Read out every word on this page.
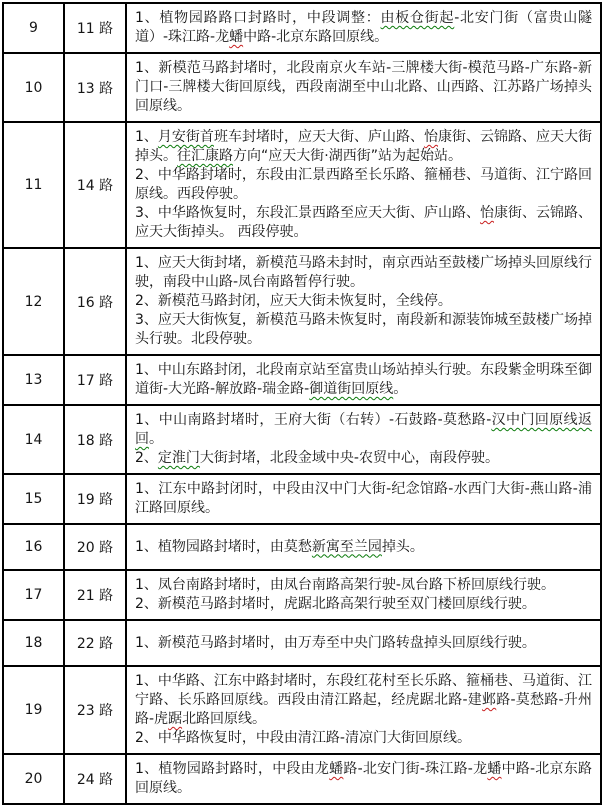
9	11 路	1、植物园路路口封路时，中段调整：由板仓街起-北安门街（富贵山隧道）-珠江路-龙蟠中路-北京东路回原线。

10	13 路	1、新模范马路封堵时，北段南京火车站-三牌楼大街-模范马路-广东路-新门口-三牌楼大街回原线，西段南湖至中山北路、山西路、江苏路广场掉头回原线。

11	14 路	1、月安街首班车封堵时，应天大街、庐山路、怡康街、云锦路、应天大街掉头。往汇康路方向“应天大街·湖西街”站为起始站。

2、中华路封堵时，东段由汇景西路至长乐路、箍桶巷、马道街、江宁路回原线。西段停驶。

3、中华路恢复时，东段汇景西路至应天大街、庐山路、怡康街、云锦路、应天大街掉头。 西段停驶。

12	16 路	1、应天大街封堵，新模范马路未封时，南京西站至鼓楼广场掉头回原线行驶，南段中山路-凤台南路暂停行驶。

2、新模范马路封闭，应天大街未恢复时，全线停。

3、应天大街恢复，新模范马路未恢复时，南段新和源装饰城至鼓楼广场掉头行驶。北段停驶。

13	17 路	1、中山东路封闭，北段南京站至富贵山场站掉头行驶。东段紫金明珠至御道街-大光路-解放路-瑞金路-御道街回原线。

14	18 路	1、中山南路封堵时，王府大街（右转）-石鼓路-莫愁路-汉中门回原线返回。

2、定淮门大街封堵，北段金域中央-农贸中心，南段停驶。

15	19 路	1、江东中路封闭时，中段由汉中门大街-纪念馆路-水西门大街-燕山路-浦江路回原线。

16	20 路	1、植物园路封堵时，由莫愁新寓至兰园掉头。

17	21 路	1、凤台南路封堵时，由凤台南路高架行驶-凤台路下桥回原线行驶。

2、新模范马路封堵时，虎踞北路高架行驶至双门楼回原线行驶。

18	22 路	1、新模范马路封堵时，由万寿至中央门路转盘掉头回原线行驶。

19	23 路	1、中华路、江东中路封堵时，东段红花村至长乐路、箍桶巷、马道街、江宁路、长乐路回原线。西段由清江路起，经虎踞北路-建邺路-莫愁路-升州路-虎踞北路回原线。

2、中华路恢复时，中段由清江路-清凉门大街回原线。

20	24 路	1、植物园路封路时，中段由龙蟠路-北安门街-珠江路-龙蟠中路-北京东路回原线。
